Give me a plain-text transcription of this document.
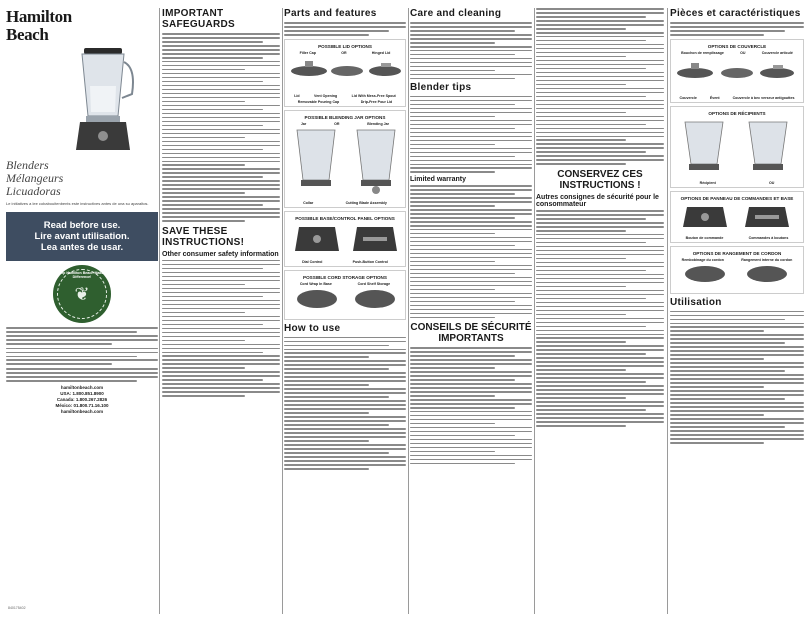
Hamilton
Beach
Blenders
Mélangeurs
Licuadoras
Le initiatives a lee cobabouitenbents este instructives antes de una su aparaltos.
Read before use.
Lire avant utilisation.
Lea antes de usar.
Help Hamilton Beach Make a Difference!
❦
hamiltonbeach.com
USA: 1.800.851.8900
Canada: 1.800.267.2826
México: 01.800.71.16.100
hamiltonbeach.com
840175402
IMPORTANT SAFEGUARDS
SAVE THESE INSTRUCTIONS!
Other consumer safety information
Parts and features
POSSIBLE LID OPTIONS
Filler Cap	OR	Hinged Lid
Lid	Vent Opening	Lid With Mess-Free Spout
Removable Pouring Cap	Drip-Free Pour Lid
POSSIBLE BLENDING JAR OPTIONS
Jar	OR	Blending Jar
Collar	Cutting Blade Assembly
POSSIBLE BASE/CONTROL PANEL OPTIONS
Dial Control	Push-Button Control
POSSIBLE CORD STORAGE OPTIONS
Cord Wrap In Base	Cord Shelf Storage
How to use
Care and cleaning
Blender tips
Limited warranty
CONSEILS DE SÉCURITÉ IMPORTANTS
CONSERVEZ CES INSTRUCTIONS !
Autres consignes de sécurité pour le consommateur
Pièces et caractéristiques
OPTIONS DE COUVERCLE
Bouchon de remplissage	OU	Couvercle articulé
Couvercle	Évent	Couvercle à bec verseur antigouttes
OPTIONS DE RÉCIPIENTS
Récipient	OU
OPTIONS DE PANNEAU DE COMMANDES ET BASE
Bouton de commande	Commandes à boutons
OPTIONS DE RANGEMENT DE CORDON
Rembobinage du cordon	Rangement interne du cordon
Utilisation
